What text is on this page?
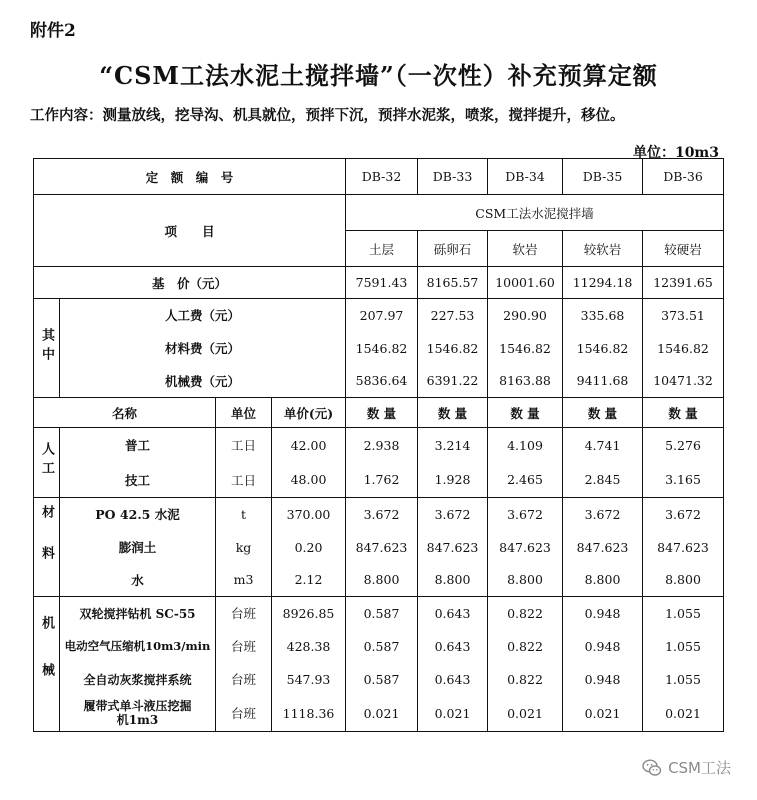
附件2
“CSM工法水泥土搅拌墙”（一次性）补充预算定额
工作内容：测量放线，挖导沟、机具就位，预拌下沉，预拌水泥浆，喷浆，搅拌提升，移位。
单位：10m3
定　额　编　号				DB-32	DB-33	DB-34	DB-35	DB-36
项　　目				CSM工法水泥搅拌墙				
				土层	砾卵石	软岩	较软岩	较硬岩
基　价（元）				7591.43	8165.57	10001.60	11294.18	12391.65
其中	人工费（元）			207.97	227.53	290.90	335.68	373.51
	材料费（元）			1546.82	1546.82	1546.82	1546.82	1546.82
	机械费（元）			5836.64	6391.22	8163.88	9411.68	10471.32
名称		单位	单价(元)	数 量	数 量	数 量	数 量	数 量
人工	普工	工日	42.00	2.938	3.214	4.109	4.741	5.276
	技工	工日	48.00	1.762	1.928	2.465	2.845	3.165
材料	PO 42.5 水泥	t	370.00	3.672	3.672	3.672	3.672	3.672
	膨润土	kg	0.20	847.623	847.623	847.623	847.623	847.623
	水	m3	2.12	8.800	8.800	8.800	8.800	8.800
机械	双轮搅拌钻机 SC-55	台班	8926.85	0.587	0.643	0.822	0.948	1.055
	电动空气压缩机10m3/min	台班	428.38	0.587	0.643	0.822	0.948	1.055
	全自动灰浆搅拌系统	台班	547.93	0.587	0.643	0.822	0.948	1.055
	履带式单斗液压挖掘机1m3	台班	1118.36	0.021	0.021	0.021	0.021	0.021
CSM工法
